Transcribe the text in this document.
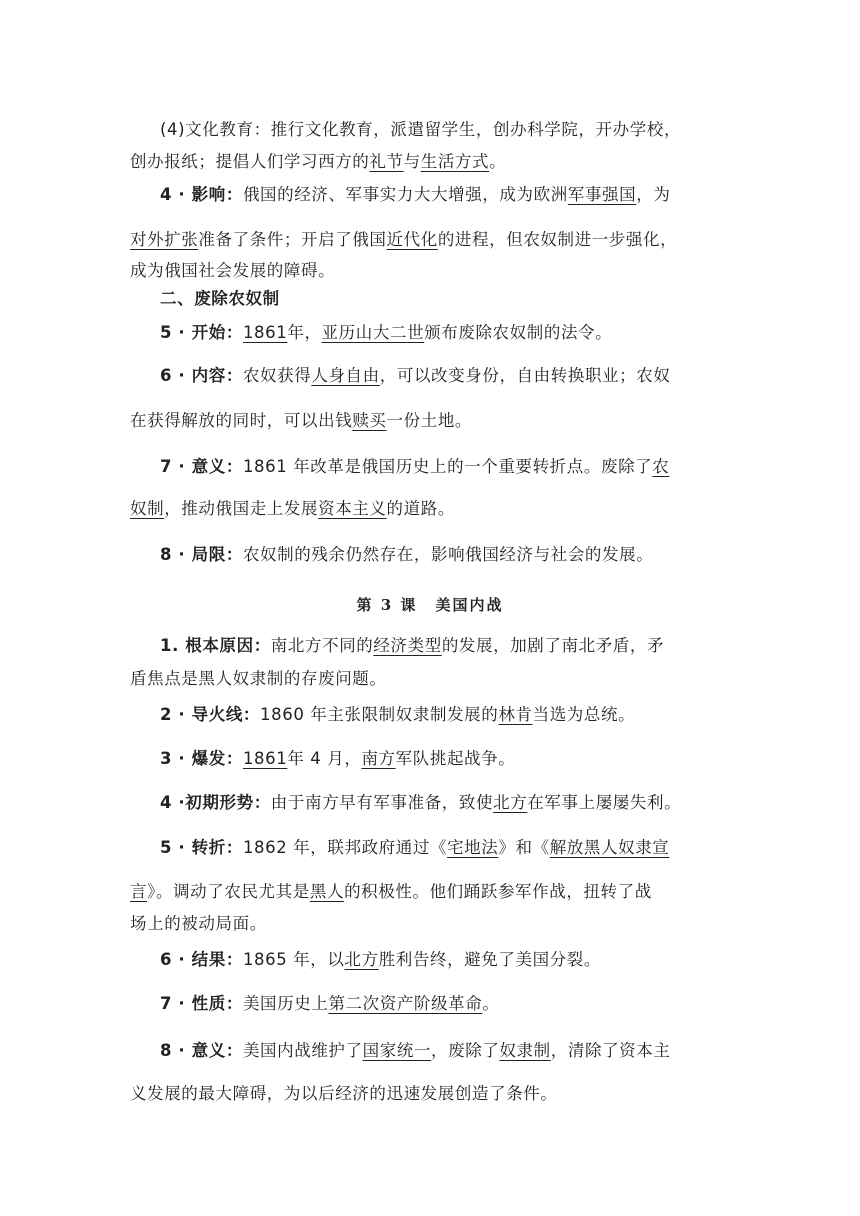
(4)文化教育：推行文化教育，派遣留学生，创办科学院，开办学校，
创办报纸；提倡人们学习西方的礼节与生活方式。
4 · 影响：俄国的经济、军事实力大大增强，成为欧洲军事强国，为
对外扩张准备了条件；开启了俄国近代化的进程，但农奴制进一步强化，
成为俄国社会发展的障碍。
二、废除农奴制
5 · 开始：1861年，亚历山大二世颁布废除农奴制的法令。
6 · 内容：农奴获得人身自由，可以改变身份，自由转换职业；农奴
在获得解放的同时，可以出钱赎买一份土地。
7 · 意义：1861 年改革是俄国历史上的一个重要转折点。废除了农
奴制，推动俄国走上发展资本主义的道路。
8 · 局限：农奴制的残余仍然存在，影响俄国经济与社会的发展。
第 3 课 美国内战
1. 根本原因：南北方不同的经济类型的发展，加剧了南北矛盾，矛
盾焦点是黑人奴隶制的存废问题。
2 · 导火线：1860 年主张限制奴隶制发展的林肯当选为总统。
3 · 爆发：1861年 4 月，南方军队挑起战争。
4 ·初期形势：由于南方早有军事准备，致使北方在军事上屡屡失利。
5 · 转折：1862 年，联邦政府通过《宅地法》和《解放黑人奴隶宣
言》。调动了农民尤其是黑人的积极性。他们踊跃参军作战，扭转了战
场上的被动局面。
6 · 结果：1865 年，以北方胜利告终，避免了美国分裂。
7 · 性质：美国历史上第二次资产阶级革命。
8 · 意义：美国内战维护了国家统一，废除了奴隶制，清除了资本主
义发展的最大障碍，为以后经济的迅速发展创造了条件。
